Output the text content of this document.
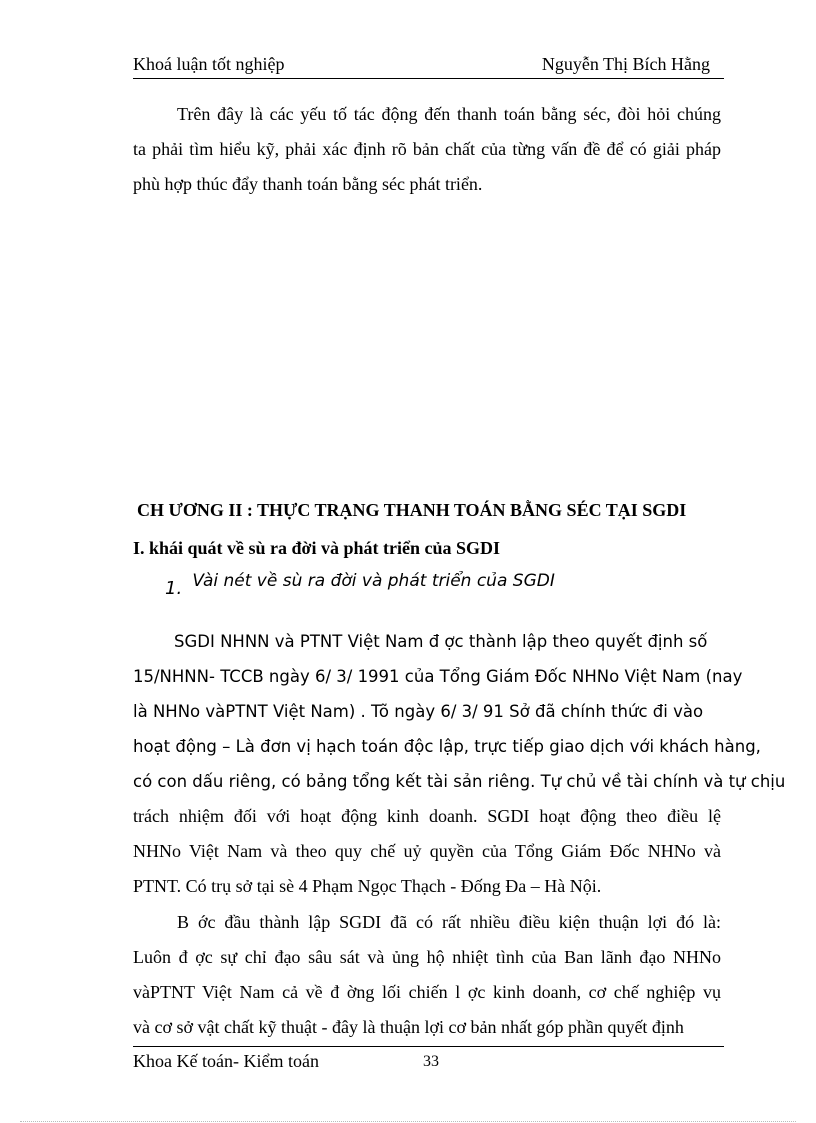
Khoá luận tốt nghiệp	Nguyễn Thị Bích Hằng
Trên đây là các yếu tố tác động đến thanh toán bằng séc, đòi hỏi chúng
ta phải tìm hiểu kỹ, phải xác định rõ bản chất của từng vấn đề để có giải pháp
phù hợp thúc đẩy thanh toán bằng séc phát triển.
CH ƯƠNG II : THỰC TRẠNG THANH TOÁN BẰNG SÉC TẠI SGDI
I. khái quát về sù ra đời và phát triển của SGDI
1. Vài nét về sù ra đời và phát triển của SGDI
SGDI NHNN và PTNT Việt Nam đ ợc thành lập theo quyết định số
15/NHNN- TCCB ngày 6/ 3/ 1991 của Tổng Giám Đốc NHNo Việt Nam (nay
là NHNo vàPTNT Việt Nam) . Tõ ngày 6/ 3/ 91 Sở đã chính thức đi vào
hoạt động – Là đơn vị hạch toán độc lập, trực tiếp giao dịch với khách hàng,
có con dấu riêng, có bảng tổng kết tài sản riêng. Tự chủ về tài chính và tự chịu
trách nhiệm đối với hoạt động kinh doanh. SGDI hoạt động theo điều lệ
NHNo Việt Nam và theo quy chế uỷ quyền của Tổng Giám Đốc NHNo và
PTNT. Có trụ sở tại sè 4 Phạm Ngọc Thạch - Đống Đa – Hà Nội.
B ớc đầu thành lập SGDI đã có rất nhiều điều kiện thuận lợi đó là:
Luôn đ ợc sự chỉ đạo sâu sát và ủng hộ nhiệt tình của Ban lãnh đạo NHNo
vàPTNT Việt Nam cả về đ ờng lối chiến l ợc kinh doanh, cơ chế nghiệp vụ
và cơ sở vật chất kỹ thuật - đây là thuận lợi cơ bản nhất góp phần quyết định
Khoa Kế toán- Kiểm toán	33
